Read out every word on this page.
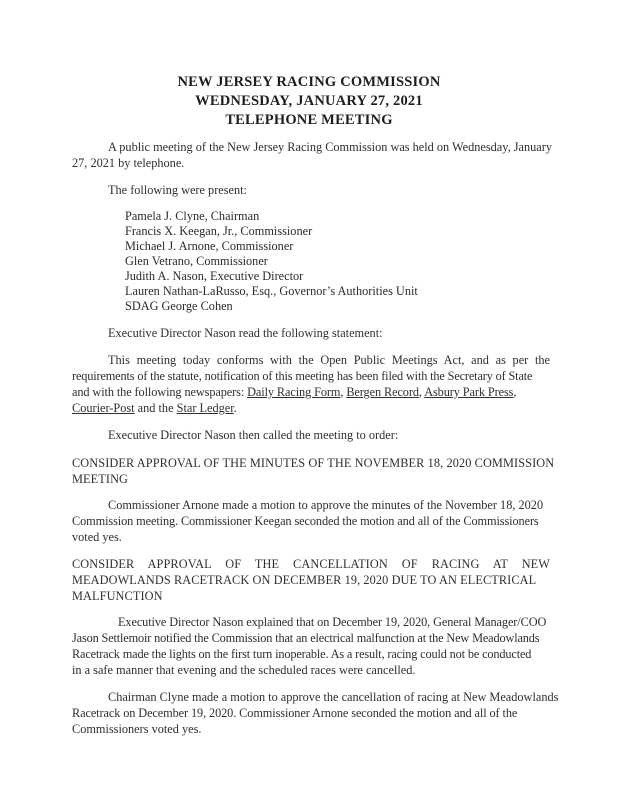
NEW JERSEY RACING COMMISSION
WEDNESDAY, JANUARY 27, 2021
TELEPHONE MEETING
A public meeting of the New Jersey Racing Commission was held on Wednesday, January
27, 2021 by telephone.
The following were present:
Pamela J. Clyne, Chairman
Francis X. Keegan, Jr., Commissioner
Michael J. Arnone, Commissioner
Glen Vetrano, Commissioner
Judith A. Nason, Executive Director
Lauren Nathan-LaRusso, Esq., Governor’s Authorities Unit
SDAG George Cohen
Executive Director Nason read the following statement:
This meeting today conforms with the Open Public Meetings Act, and as per the
requirements of the statute, notification of this meeting has been filed with the Secretary of State
and with the following newspapers: Daily Racing Form, Bergen Record, Asbury Park Press,
Courier-Post and the Star Ledger.
Executive Director Nason then called the meeting to order:
CONSIDER APPROVAL OF THE MINUTES OF THE NOVEMBER 18, 2020 COMMISSION
MEETING
Commissioner Arnone made a motion to approve the minutes of the November 18, 2020
Commission meeting. Commissioner Keegan seconded the motion and all of the Commissioners
voted yes.
CONSIDER APPROVAL OF THE CANCELLATION OF RACING AT NEW
MEADOWLANDS RACETRACK ON DECEMBER 19, 2020 DUE TO AN ELECTRICAL
MALFUNCTION
Executive Director Nason explained that on December 19, 2020, General Manager/COO
Jason Settlemoir notified the Commission that an electrical malfunction at the New Meadowlands
Racetrack made the lights on the first turn inoperable. As a result, racing could not be conducted
in a safe manner that evening and the scheduled races were cancelled.
Chairman Clyne made a motion to approve the cancellation of racing at New Meadowlands
Racetrack on December 19, 2020. Commissioner Arnone seconded the motion and all of the
Commissioners voted yes.
